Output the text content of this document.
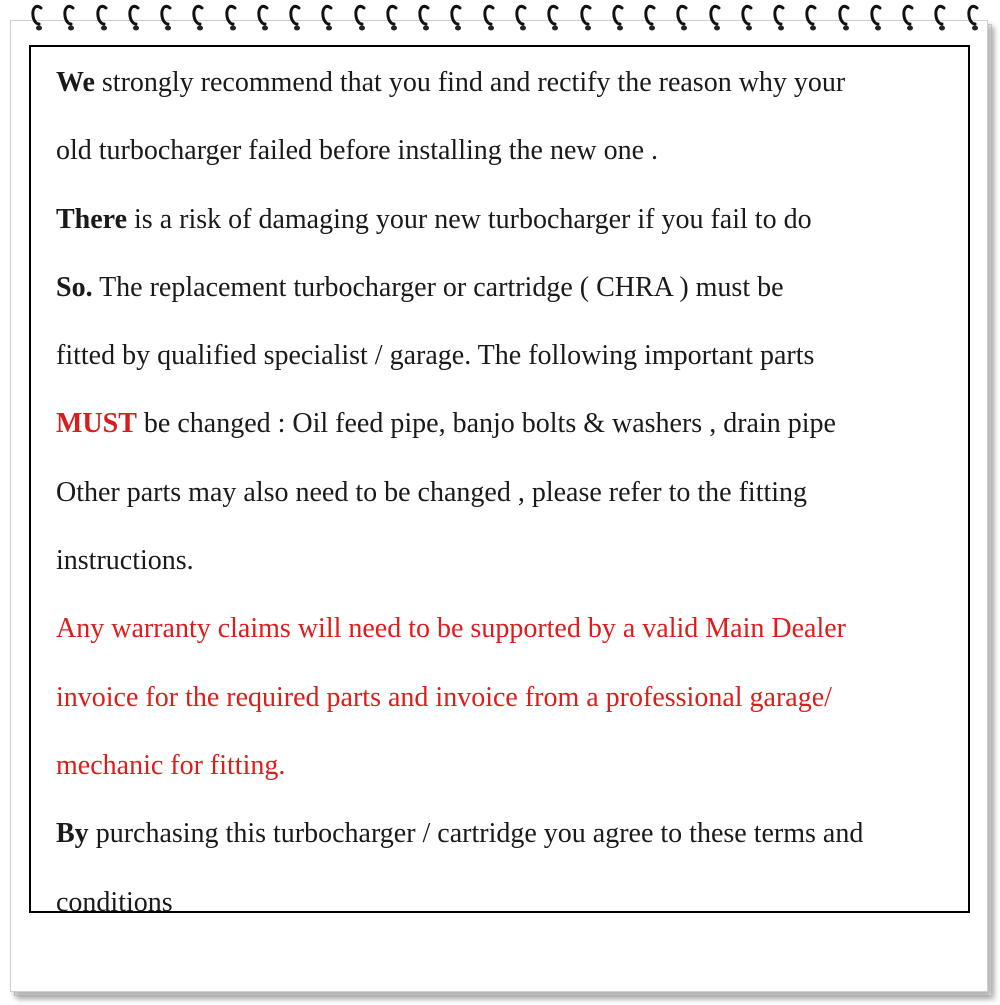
We strongly recommend that you find and rectify the reason why your
old turbocharger failed before installing the new one .
There is a risk of damaging your new turbocharger if you fail to do
So. The replacement turbocharger or cartridge ( CHRA ) must be
fitted by qualified specialist / garage. The following important parts
MUST be changed : Oil feed pipe, banjo bolts & washers , drain pipe
Other parts may also need to be changed , please refer to the fitting
instructions.
Any warranty claims will need to be supported by a valid Main Dealer
invoice for the required parts and invoice from a professional garage/
mechanic for fitting.
By purchasing this turbocharger / cartridge you agree to these terms and
conditions
